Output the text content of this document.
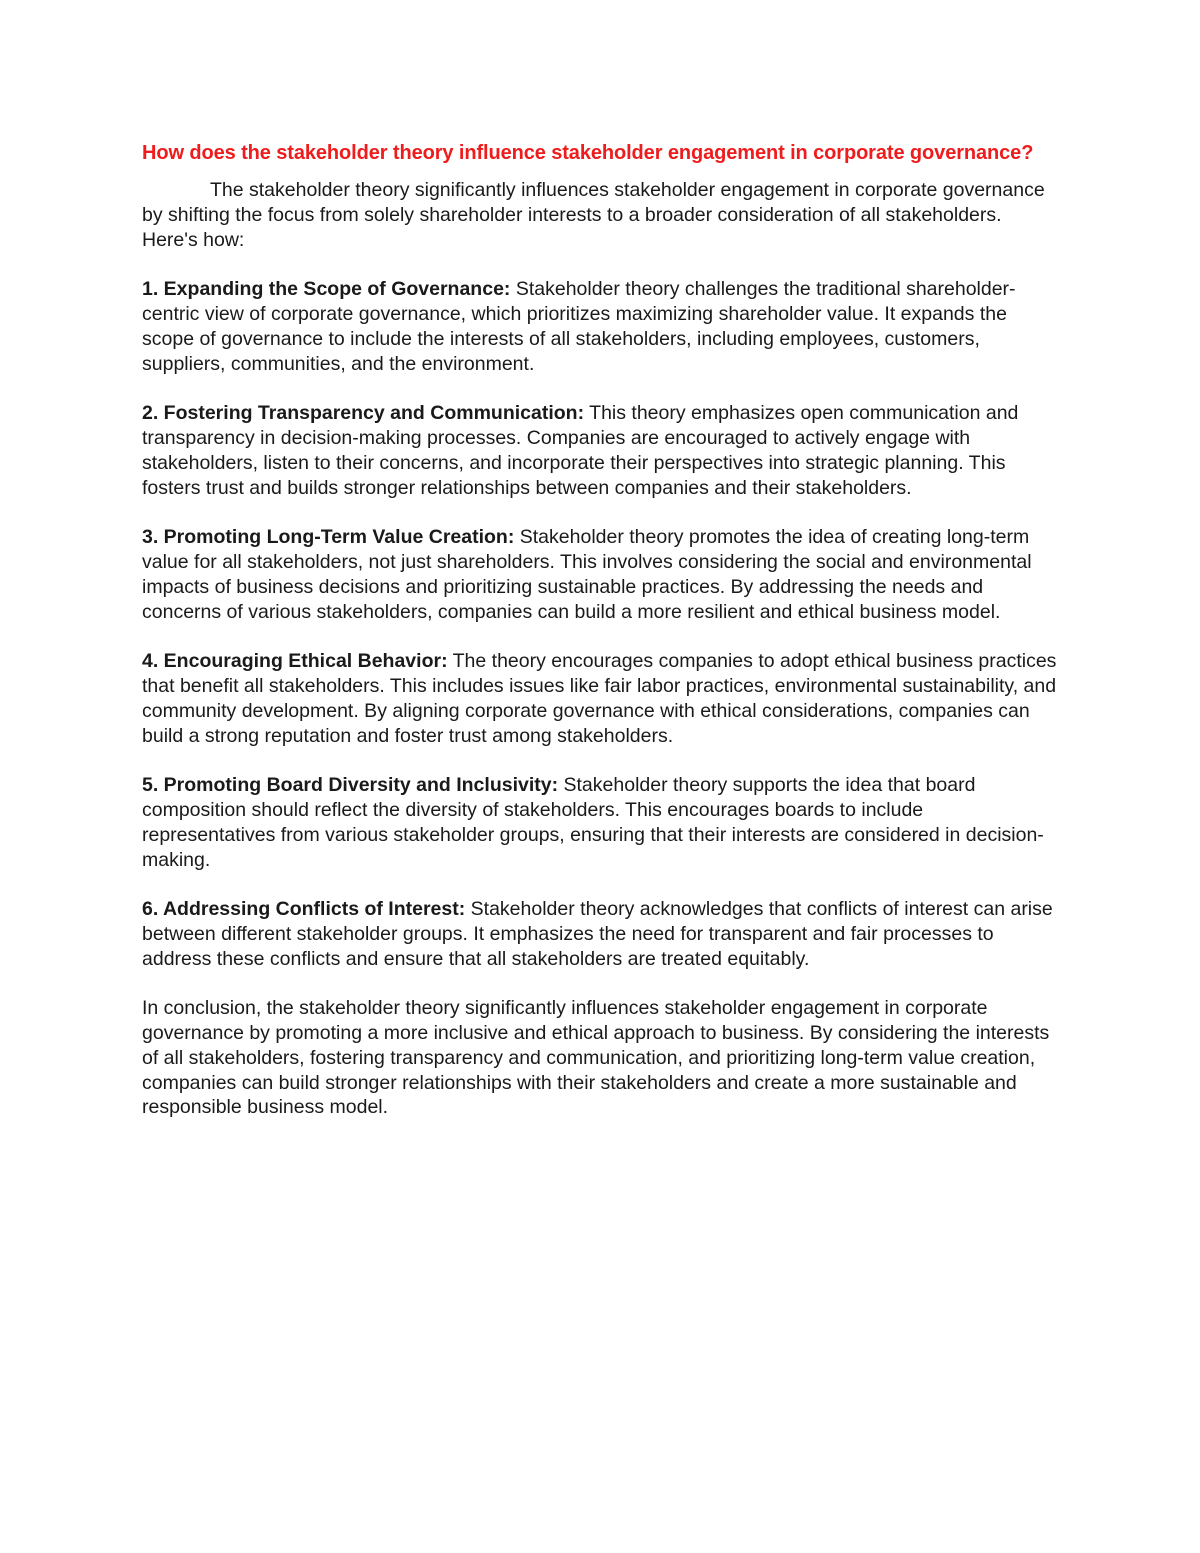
How does the stakeholder theory influence stakeholder engagement in corporate governance?

The stakeholder theory significantly influences stakeholder engagement in corporate governance by shifting the focus from solely shareholder interests to a broader consideration of all stakeholders. Here's how:

1. Expanding the Scope of Governance: Stakeholder theory challenges the traditional shareholder-centric view of corporate governance, which prioritizes maximizing shareholder value. It expands the scope of governance to include the interests of all stakeholders, including employees, customers, suppliers, communities, and the environment.

2. Fostering Transparency and Communication: This theory emphasizes open communication and transparency in decision-making processes. Companies are encouraged to actively engage with stakeholders, listen to their concerns, and incorporate their perspectives into strategic planning. This fosters trust and builds stronger relationships between companies and their stakeholders.

3. Promoting Long-Term Value Creation: Stakeholder theory promotes the idea of creating long-term value for all stakeholders, not just shareholders. This involves considering the social and environmental impacts of business decisions and prioritizing sustainable practices. By addressing the needs and concerns of various stakeholders, companies can build a more resilient and ethical business model.

4. Encouraging Ethical Behavior: The theory encourages companies to adopt ethical business practices that benefit all stakeholders. This includes issues like fair labor practices, environmental sustainability, and community development. By aligning corporate governance with ethical considerations, companies can build a strong reputation and foster trust among stakeholders.

5. Promoting Board Diversity and Inclusivity: Stakeholder theory supports the idea that board composition should reflect the diversity of stakeholders. This encourages boards to include representatives from various stakeholder groups, ensuring that their interests are considered in decision-making.

6. Addressing Conflicts of Interest: Stakeholder theory acknowledges that conflicts of interest can arise between different stakeholder groups. It emphasizes the need for transparent and fair processes to address these conflicts and ensure that all stakeholders are treated equitably.

In conclusion, the stakeholder theory significantly influences stakeholder engagement in corporate governance by promoting a more inclusive and ethical approach to business. By considering the interests of all stakeholders, fostering transparency and communication, and prioritizing long-term value creation, companies can build stronger relationships with their stakeholders and create a more sustainable and responsible business model.
